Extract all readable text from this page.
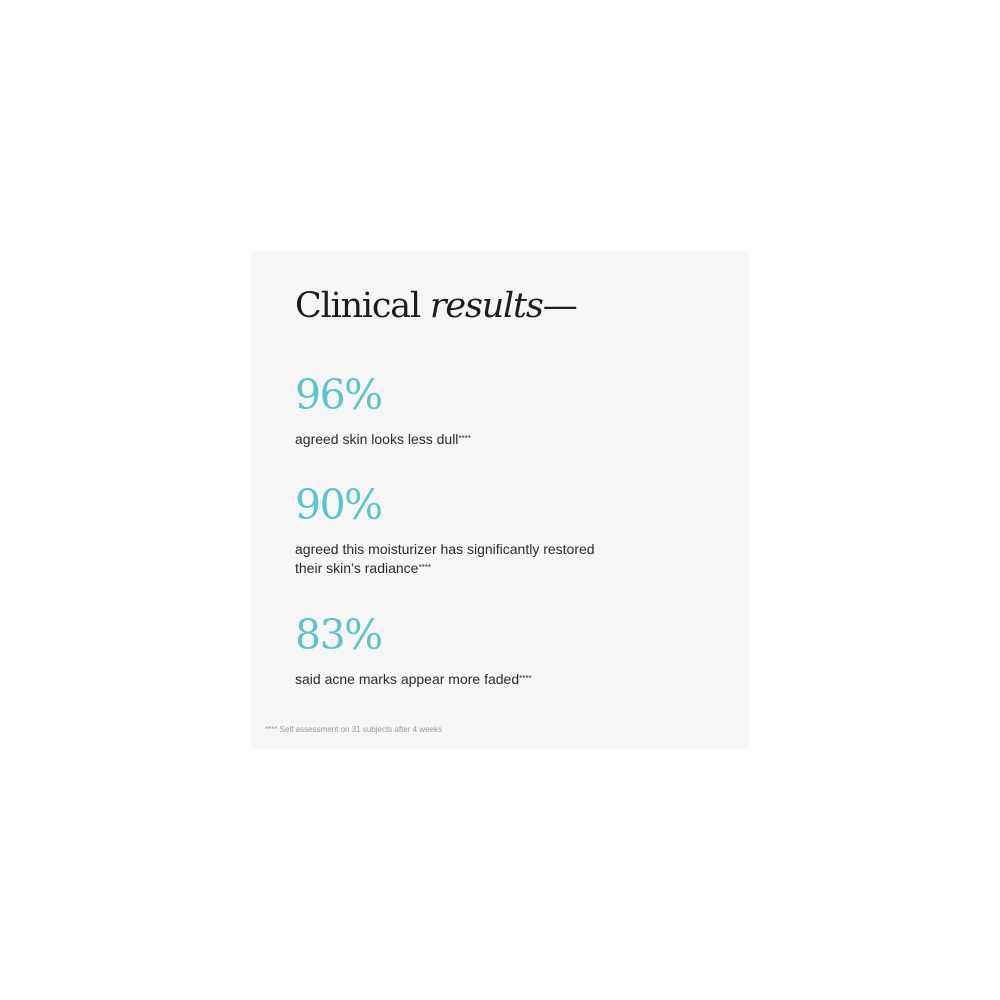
Clinical results—
96%
agreed skin looks less dull****
90%
agreed this moisturizer has significantly restored their skin’s radiance****
83%
said acne marks appear more faded****
**** Self assessment on 31 subjects after 4 weeks
